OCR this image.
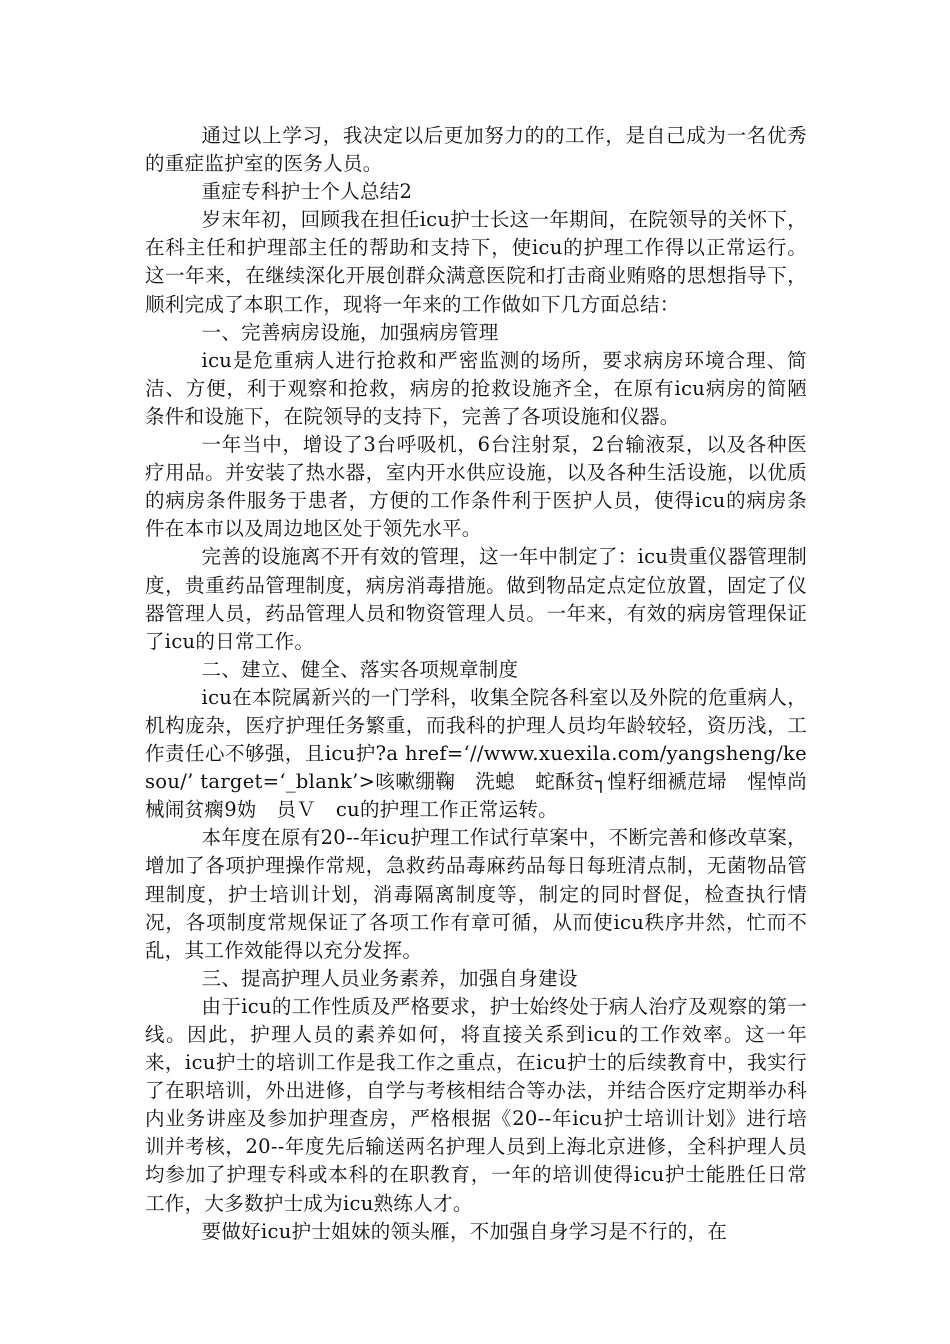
通过以上学习，我决定以后更加努力的的工作，是自己成为一名优秀的重症监护室的医务人员。

重症专科护士个人总结2

岁末年初，回顾我在担任icu护士长这一年期间，在院领导的关怀下，在科主任和护理部主任的帮助和支持下，使icu的护理工作得以正常运行。这一年来，在继续深化开展创群众满意医院和打击商业贿赂的思想指导下，顺利完成了本职工作，现将一年来的工作做如下几方面总结：

一、完善病房设施，加强病房管理

icu是危重病人进行抢救和严密监测的场所，要求病房环境合理、简洁、方便，利于观察和抢救，病房的抢救设施齐全，在原有icu病房的简陋条件和设施下，在院领导的支持下，完善了各项设施和仪器。

一年当中，增设了3台呼吸机，6台注射泵，2台输液泵，以及各种医疗用品。并安装了热水器，室内开水供应设施，以及各种生活设施，以优质的病房条件服务于患者，方便的工作条件利于医护人员，使得icu的病房条件在本市以及周边地区处于领先水平。

完善的设施离不开有效的管理，这一年中制定了：icu贵重仪器管理制度，贵重药品管理制度，病房消毒措施。做到物品定点定位放置，固定了仪器管理人员，药品管理人员和物资管理人员。一年来，有效的病房管理保证了icu的日常工作。

二、建立、健全、落实各项规章制度

icu在本院属新兴的一门学科，收集全院各科室以及外院的危重病人，机构庞杂，医疗护理任务繁重，而我科的护理人员均年龄较轻，资历浅，工作责任心不够强，且icu护?a href=‘//www.xuexila.com/yangsheng/kesou/’ target=‘_blank’>咳嗽绷鞠　洗螅　蛇酥贫┐惶籽细褫苊埽　惺悼尚械闹贫瘸9妫　员Ｖ　cu的护理工作正常运转。

本年度在原有20--年icu护理工作试行草案中，不断完善和修改草案，增加了各项护理操作常规，急救药品毒麻药品每日每班清点制，无菌物品管理制度，护士培训计划，消毒隔离制度等，制定的同时督促，检查执行情况，各项制度常规保证了各项工作有章可循，从而使icu秩序井然，忙而不乱，其工作效能得以充分发挥。

三、提高护理人员业务素养，加强自身建设

由于icu的工作性质及严格要求，护士始终处于病人治疗及观察的第一线。因此，护理人员的素养如何，将直接关系到icu的工作效率。这一年来，icu护士的培训工作是我工作之重点，在icu护士的后续教育中，我实行了在职培训，外出进修，自学与考核相结合等办法，并结合医疗定期举办科内业务讲座及参加护理查房，严格根据《20--年icu护士培训计划》进行培训并考核，20--年度先后输送两名护理人员到上海北京进修，全科护理人员均参加了护理专科或本科的在职教育，一年的培训使得icu护士能胜任日常工作，大多数护士成为icu熟练人才。

要做好icu护士姐妹的领头雁，不加强自身学习是不行的，在
